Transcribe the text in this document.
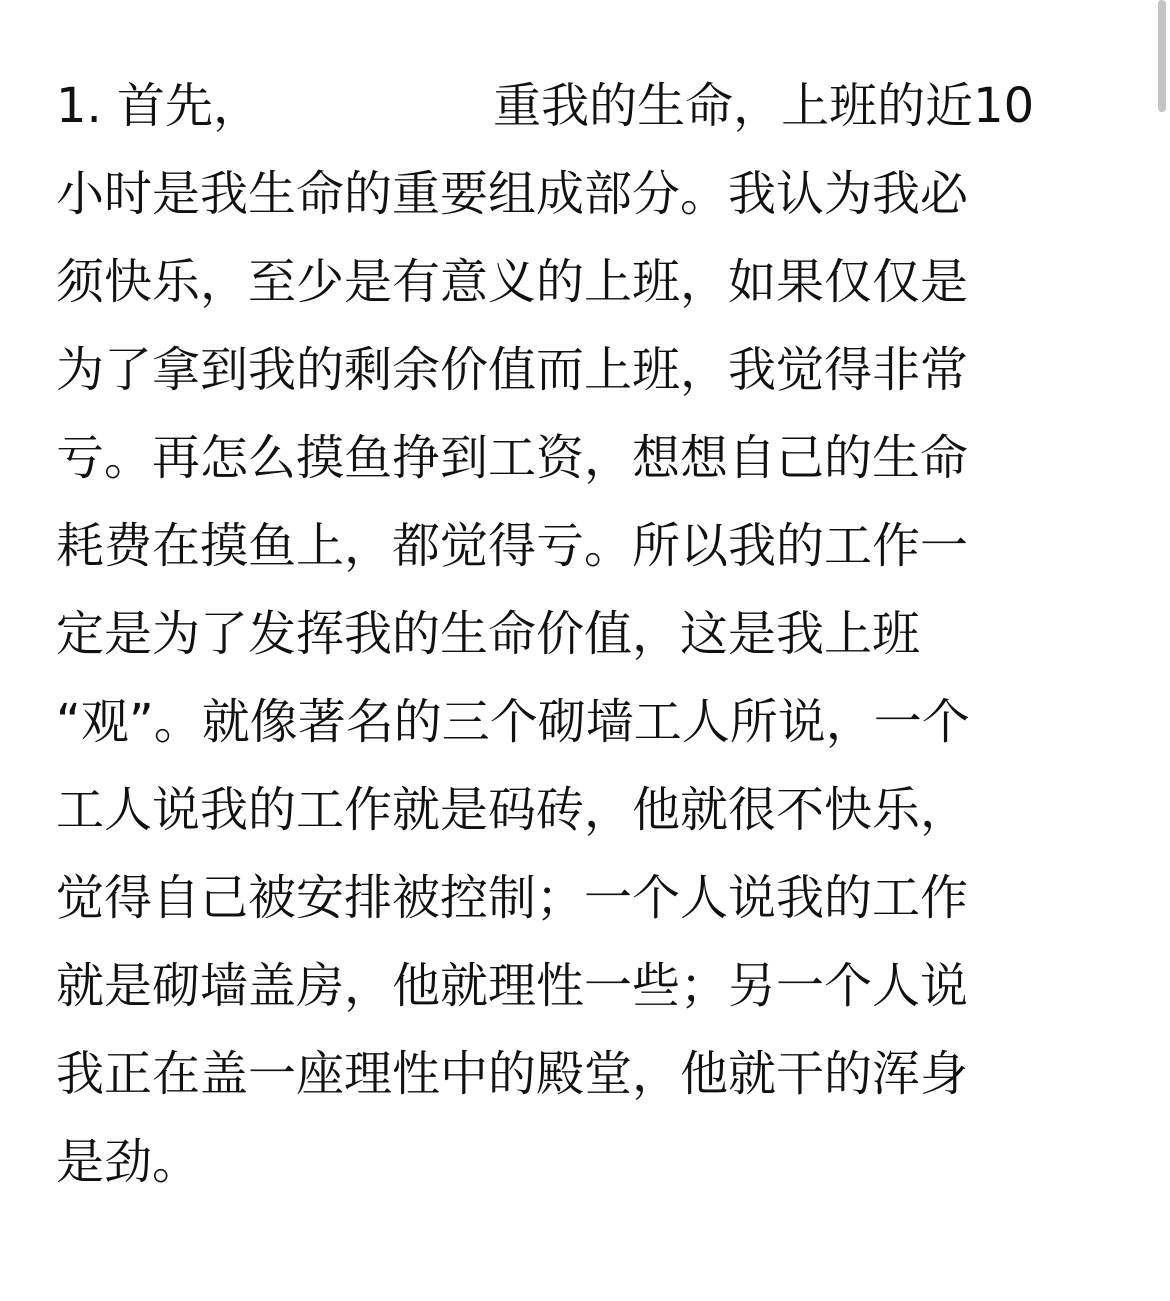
1. 首先，	重我的生命，上班的近10
小时是我生命的重要组成部分。我认为我必
须快乐，至少是有意义的上班，如果仅仅是
为了拿到我的剩余价值而上班，我觉得非常
亏。再怎么摸鱼挣到工资，想想自己的生命
耗费在摸鱼上，都觉得亏。所以我的工作一
定是为了发挥我的生命价值，这是我上班
“观”。就像著名的三个砌墙工人所说，一个
工人说我的工作就是码砖，他就很不快乐，
觉得自己被安排被控制；一个人说我的工作
就是砌墙盖房，他就理性一些；另一个人说
我正在盖一座理性中的殿堂，他就干的浑身
是劲。
